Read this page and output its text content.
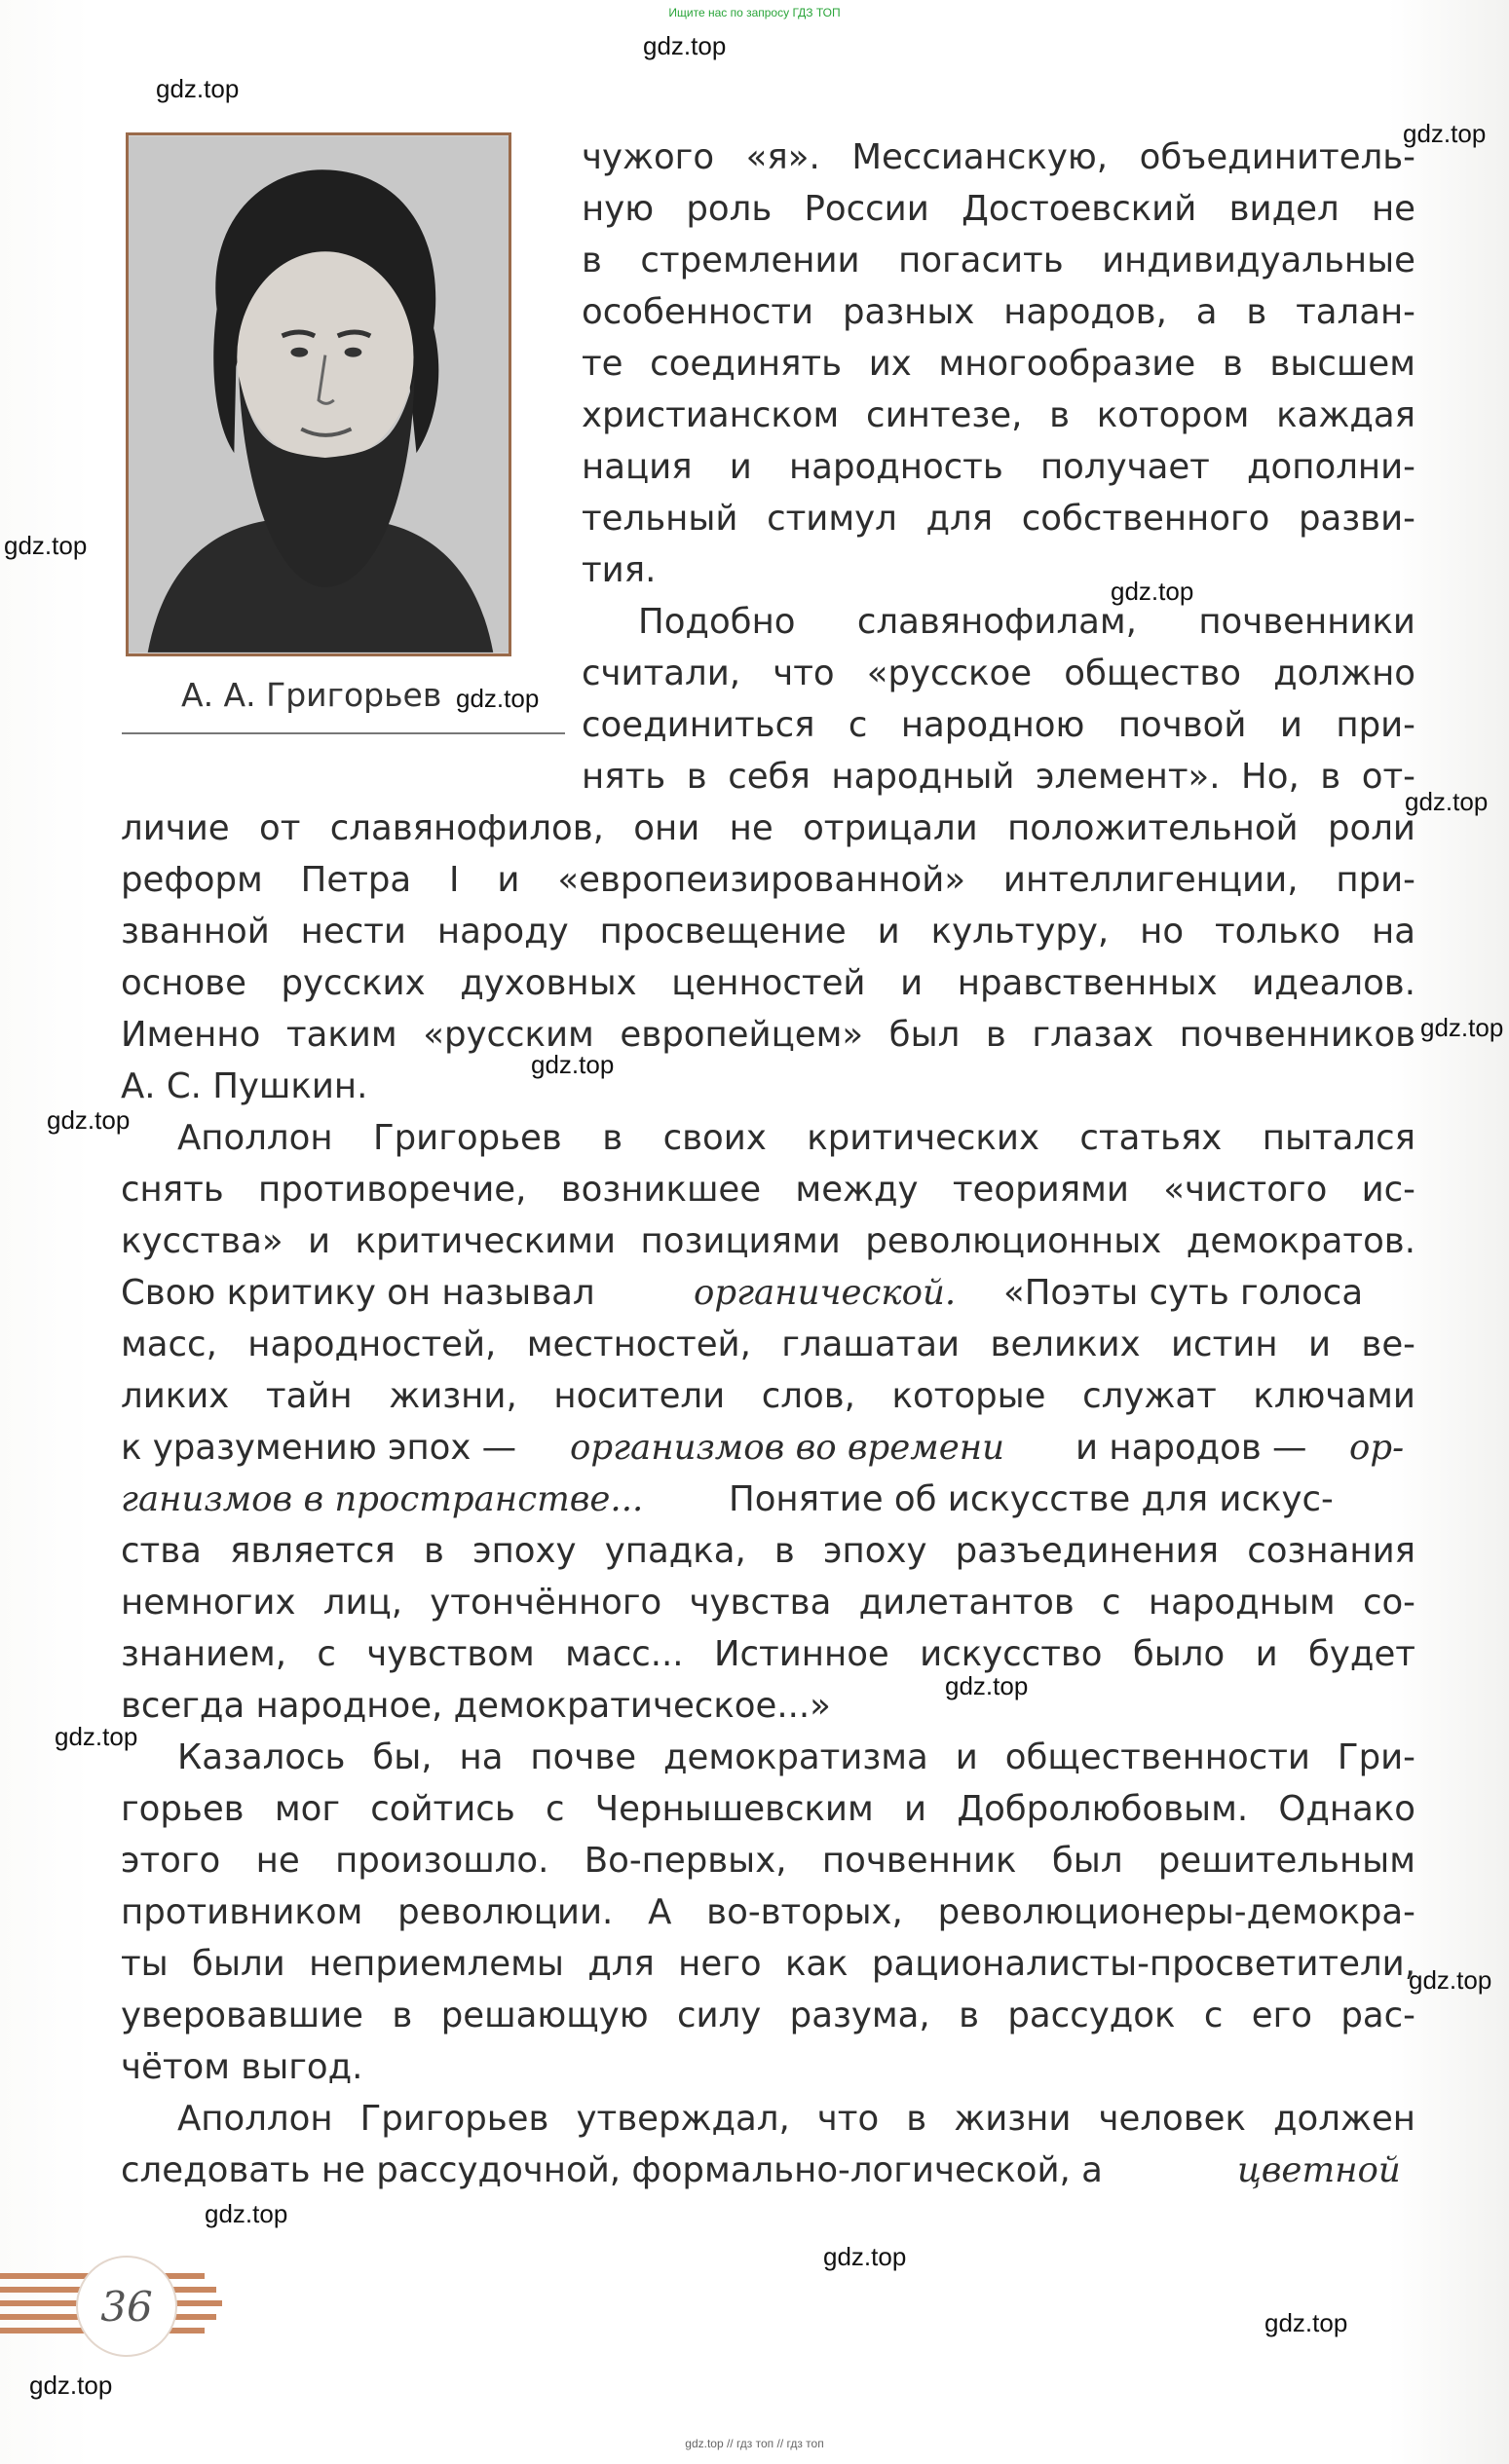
Ищите нас по запросу ГДЗ ТОП
А. А. Григорьев
чужого «я». Мессианскую, объединитель-
ную роль России Достоевский видел не
в стремлении погасить индивидуальные
особенности разных народов, а в талан-
те соединять их многообразие в высшем
христианском синтезе, в котором каждая
нация и народность получает дополни-
тельный стимул для собственного разви-
тия.
Подобно славянофилам, почвенники
считали, что «русское общество должно
соединиться с народною почвой и при-
нять в себя народный элемент». Но, в от-
личие от славянофилов, они не отрицали положительной роли
реформ Петра I и «европеизированной» интеллигенции, при-
званной нести народу просвещение и культуру, но только на
основе русских духовных ценностей и нравственных идеалов.
Именно таким «русским европейцем» был в глазах почвенников
А. С. Пушкин.
Аполлон Григорьев в своих критических статьях пытался
снять противоречие, возникшее между теориями «чистого ис-
кусства» и критическими позициями революционных демократов.
Свою критику он называл	органической. «Поэты суть голоса
масс, народностей, местностей, глашатаи великих истин и ве-
ликих тайн жизни, носители слов, которые служат ключами
к уразумению эпох — организмов во времени и народов — ор-
ганизмов в пространстве... Понятие об искусстве для искус-
ства является в эпоху упадка, в эпоху разъединения сознания
немногих лиц, утончённого чувства дилетантов с народным со-
знанием, с чувством масс... Истинное искусство было и будет
всегда народное, демократическое...»
Казалось бы, на почве демократизма и общественности Гри-
горьев мог сойтись с Чернышевским и Добролюбовым. Однако
этого не произошло. Во-первых, почвенник был решительным
противником революции. А во-вторых, революционеры-демокра-
ты были неприемлемы для него как рационалисты-просветители,
уверовавшие в решающую силу разума, в рассудок с его рас-
чётом выгод.
Аполлон Григорьев утверждал, что в жизни человек должен
следовать не рассудочной, формально-логической, а	цветной
36
gdz.top
gdz.top
gdz.top
gdz.top
gdz.top
gdz.top
gdz.top
gdz.top
gdz.top
gdz.top
gdz.top
gdz.top
gdz.top
gdz.top
gdz.top
gdz.top
gdz.top
gdz.top // гдз топ // гдз топ
